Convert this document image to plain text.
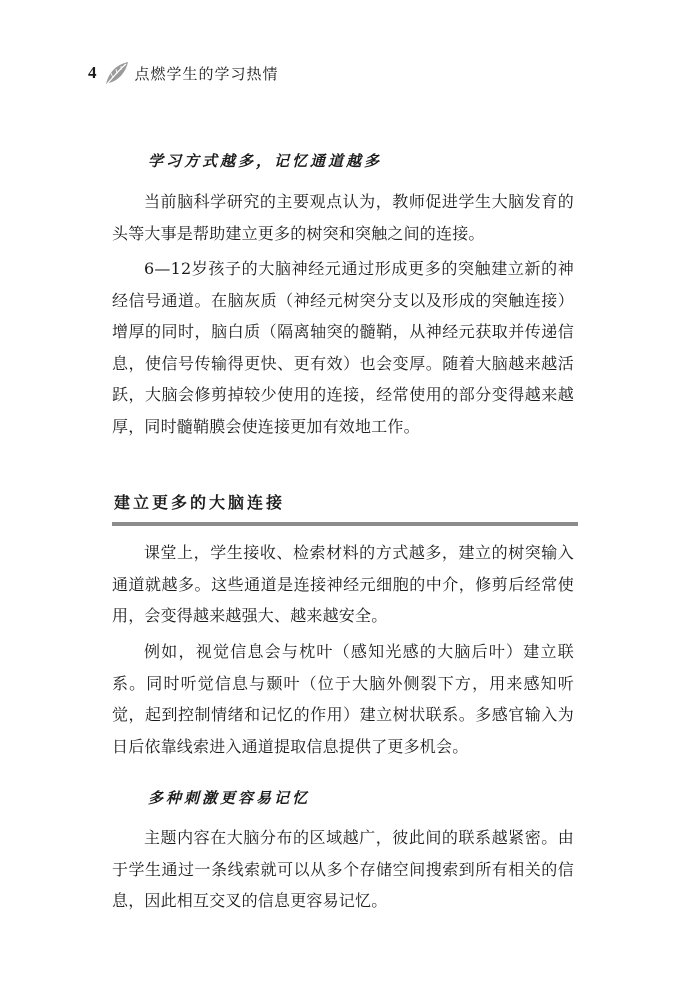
4	点燃学生的学习热情
学习方式越多，记忆通道越多

当前脑科学研究的主要观点认为，教师促进学生大脑发育的头等大事是帮助建立更多的树突和突触之间的连接。

6—12岁孩子的大脑神经元通过形成更多的突触建立新的神经信号通道。在脑灰质（神经元树突分支以及形成的突触连接）增厚的同时，脑白质（隔离轴突的髓鞘，从神经元获取并传递信息，使信号传输得更快、更有效）也会变厚。随着大脑越来越活跃，大脑会修剪掉较少使用的连接，经常使用的部分变得越来越厚，同时髓鞘膜会使连接更加有效地工作。

建立更多的大脑连接

课堂上，学生接收、检索材料的方式越多，建立的树突输入通道就越多。这些通道是连接神经元细胞的中介，修剪后经常使用，会变得越来越强大、越来越安全。

例如，视觉信息会与枕叶（感知光感的大脑后叶）建立联系。同时听觉信息与颞叶（位于大脑外侧裂下方，用来感知听觉，起到控制情绪和记忆的作用）建立树状联系。多感官输入为日后依靠线索进入通道提取信息提供了更多机会。

多种刺激更容易记忆

主题内容在大脑分布的区域越广，彼此间的联系越紧密。由于学生通过一条线索就可以从多个存储空间搜索到所有相关的信息，因此相互交叉的信息更容易记忆。
